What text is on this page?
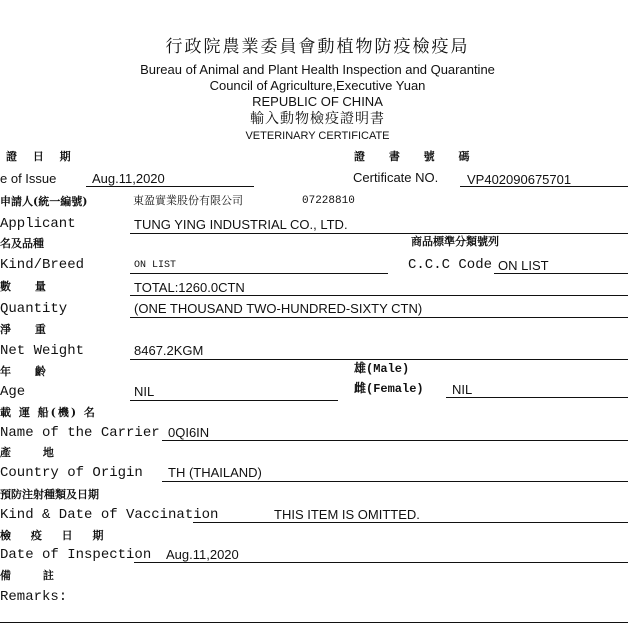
行政院農業委員會動植物防疫檢疫局
Bureau of Animal and Plant Health Inspection and Quarantine
Council of Agriculture,Executive Yuan
REPUBLIC OF CHINA
輸入動物檢疫證明書
VETERINARY CERTIFICATE
證 日 期
e of Issue	Aug.11,2020
證 書 號 碼
Certificate NO. VP402090675701
申請人(統一編號)	東盈實業股份有限公司	07228810
Applicant	TUNG YING INDUSTRIAL CO., LTD.
名及品種	商品標準分類號列
Kind/Breed	ON LIST	C.C.C Code ON LIST
數 量	TOTAL:1260.0CTN
Quantity	(ONE THOUSAND TWO-HUNDRED-SIXTY CTN)
淨 重
Net Weight	8467.2KGM
年 齡	雄(Male)
Age	NIL	雌(Female) NIL
載 運 船(機) 名
Name of the Carrier 0QI6IN
產 地
Country of Origin TH (THAILAND)
預防注射種類及日期
Kind & Date of Vaccination	THIS ITEM IS OMITTED.
檢 疫 日 期
Date of Inspection Aug.11,2020
備 註
Remarks:
